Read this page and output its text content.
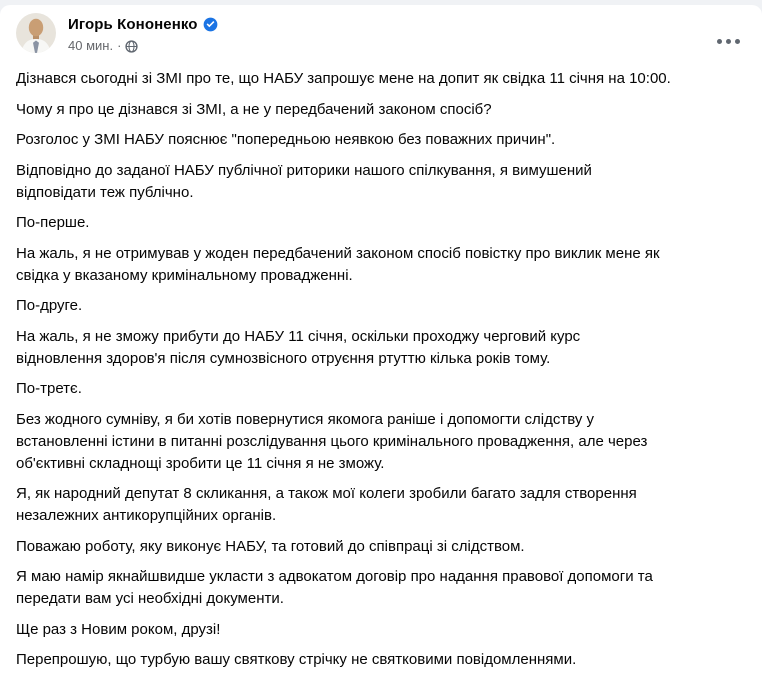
Игорь Кононенко
40 мин. ·
Дізнався сьогодні зі ЗМІ про те, що НАБУ запрошує мене на допит як свідка 11 січня на 10:00.
Чому я про це дізнався зі ЗМІ, а не у передбачений законом спосіб?
Розголос у ЗМІ НАБУ пояснює "попередньою неявкою без поважних причин".
Відповідно до заданої НАБУ публічної риторики нашого спілкування, я вимушений
відповідати теж публічно.
По-перше.
На жаль, я не отримував у жоден передбачений законом спосіб повістку про виклик мене як
свідка у вказаному кримінальному провадженні.
По-друге.
На жаль, я не зможу прибути до НАБУ 11 січня, оскільки проходжу черговий курс
відновлення здоров'я після сумнозвісного отруєння ртуттю кілька років тому.
По-третє.
Без жодного сумніву, я би хотів повернутися якомога раніше і допомогти слідству у
встановленні істини в питанні розслідування цього кримінального провадження, але через
об'єктивні складнощі зробити це 11 січня я не зможу.
Я, як народний депутат 8 скликання, а також мої колеги зробили багато задля створення
незалежних антикорупційних органів.
Поважаю роботу, яку виконує НАБУ, та готовий до співпраці зі слідством.
Я маю намір якнайшвидше укласти з адвокатом договір про надання правової допомоги та
передати вам усі необхідні документи.
Ще раз з Новим роком, друзі!
Перепрошую, що турбую вашу святкову стрічку не святковими повідомленнями.
